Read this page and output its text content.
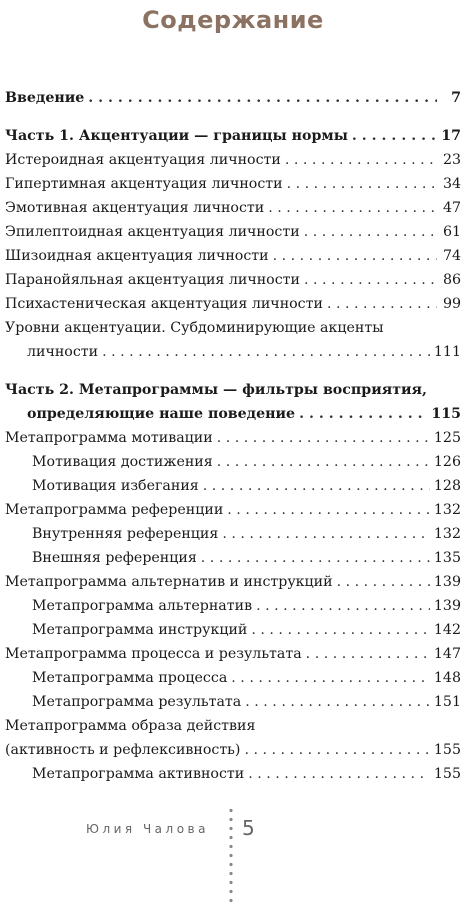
Содержание
Введение . . .	7
Часть 1. Акцентуации — границы нормы . . .	17
Истероидная акцентуация личности . . .	23
Гипертимная акцентуация личности . . .	34
Эмотивная акцентуация личности . . .	47
Эпилептоидная акцентуация личности . . .	61
Шизоидная акцентуация личности . . .	74
Паранойяльная акцентуация личности . . .	86
Психастеническая акцентуация личности . . .	99
Уровни акцентуации. Субдоминирующие акценты
личности . . .	111
Часть 2. Метапрограммы — фильтры восприятия,
определяющие наше поведение . . .	115
Метапрограмма мотивации . . .	125
Мотивация достижения . . .	126
Мотивация избегания . . .	128
Метапрограмма референции . . .	132
Внутренняя референция . . .	132
Внешняя референция . . .	135
Метапрограмма альтернатив и инструкций . . .	139
Метапрограмма альтернатив . . .	139
Метапрограмма инструкций . . .	142
Метапрограмма процесса и результата . . .	147
Метапрограмма процесса . . .	148
Метапрограмма результата . . .	151
Метапрограмма образа действия
(активность и рефлексивность) . . .	155
Метапрограмма активности . . .	155
Юлия Чалова 5
